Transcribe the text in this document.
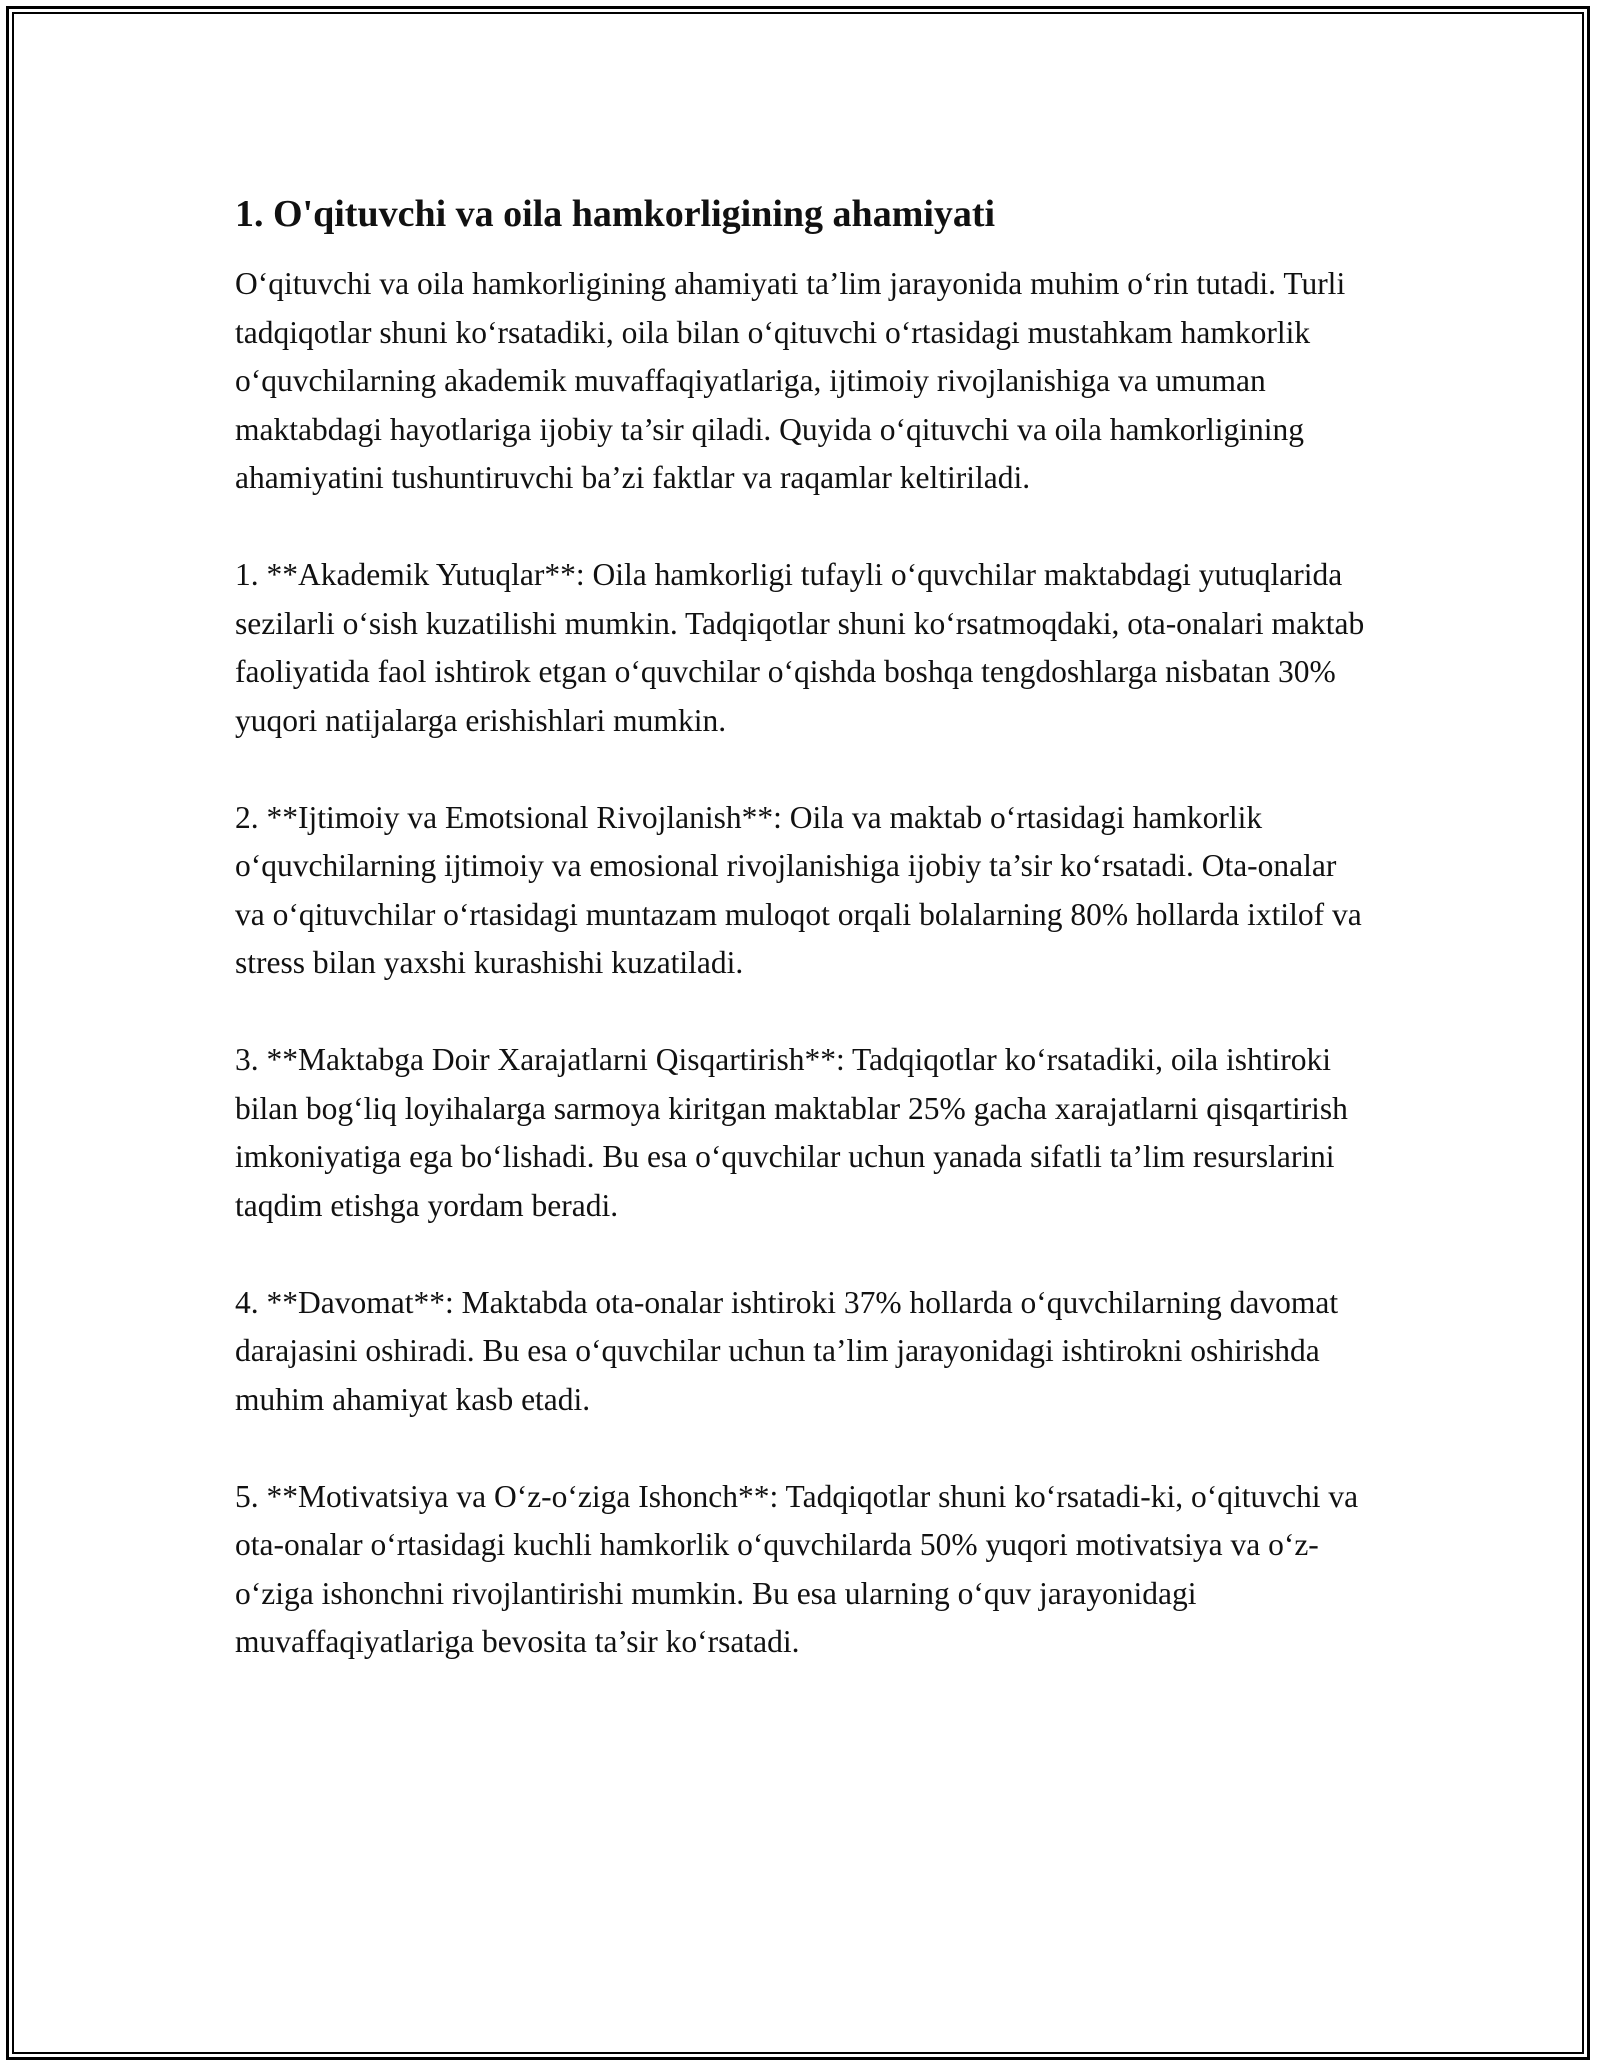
1. O'qituvchi va oila hamkorligining ahamiyati

O‘qituvchi va oila hamkorligining ahamiyati ta’lim jarayonida muhim o‘rin tutadi. Turli tadqiqotlar shuni ko‘rsatadiki, oila bilan o‘qituvchi o‘rtasidagi mustahkam hamkorlik o‘quvchilarning akademik muvaffaqiyatlariga, ijtimoiy rivojlanishiga va umuman maktabdagi hayotlariga ijobiy ta’sir qiladi. Quyida o‘qituvchi va oila hamkorligining ahamiyatini tushuntiruvchi ba’zi faktlar va raqamlar keltiriladi.

1. **Akademik Yutuqlar**: Oila hamkorligi tufayli o‘quvchilar maktabdagi yutuqlarida sezilarli o‘sish kuzatilishi mumkin. Tadqiqotlar shuni ko‘rsatmoqdaki, ota-onalari maktab faoliyatida faol ishtirok etgan o‘quvchilar o‘qishda boshqa tengdoshlarga nisbatan 30% yuqori natijalarga erishishlari mumkin.

2. **Ijtimoiy va Emotsional Rivojlanish**: Oila va maktab o‘rtasidagi hamkorlik o‘quvchilarning ijtimoiy va emosional rivojlanishiga ijobiy ta’sir ko‘rsatadi. Ota-onalar va o‘qituvchilar o‘rtasidagi muntazam muloqot orqali bolalarning 80% hollarda ixtilof va stress bilan yaxshi kurashishi kuzatiladi.

3. **Maktabga Doir Xarajatlarni Qisqartirish**: Tadqiqotlar ko‘rsatadiki, oila ishtiroki bilan bog‘liq loyihalarga sarmoya kiritgan maktablar 25% gacha xarajatlarni qisqartirish imkoniyatiga ega bo‘lishadi. Bu esa o‘quvchilar uchun yanada sifatli ta’lim resurslarini taqdim etishga yordam beradi.

4. **Davomat**: Maktabda ota-onalar ishtiroki 37% hollarda o‘quvchilarning davomat darajasini oshiradi. Bu esa o‘quvchilar uchun ta’lim jarayonidagi ishtirokni oshirishda muhim ahamiyat kasb etadi.

5. **Motivatsiya va O‘z-o‘ziga Ishonch**: Tadqiqotlar shuni ko‘rsatadi-ki, o‘qituvchi va ota-onalar o‘rtasidagi kuchli hamkorlik o‘quvchilarda 50% yuqori motivatsiya va o‘z-o‘ziga ishonchni rivojlantirishi mumkin. Bu esa ularning o‘quv jarayonidagi muvaffaqiyatlariga bevosita ta’sir ko‘rsatadi.
